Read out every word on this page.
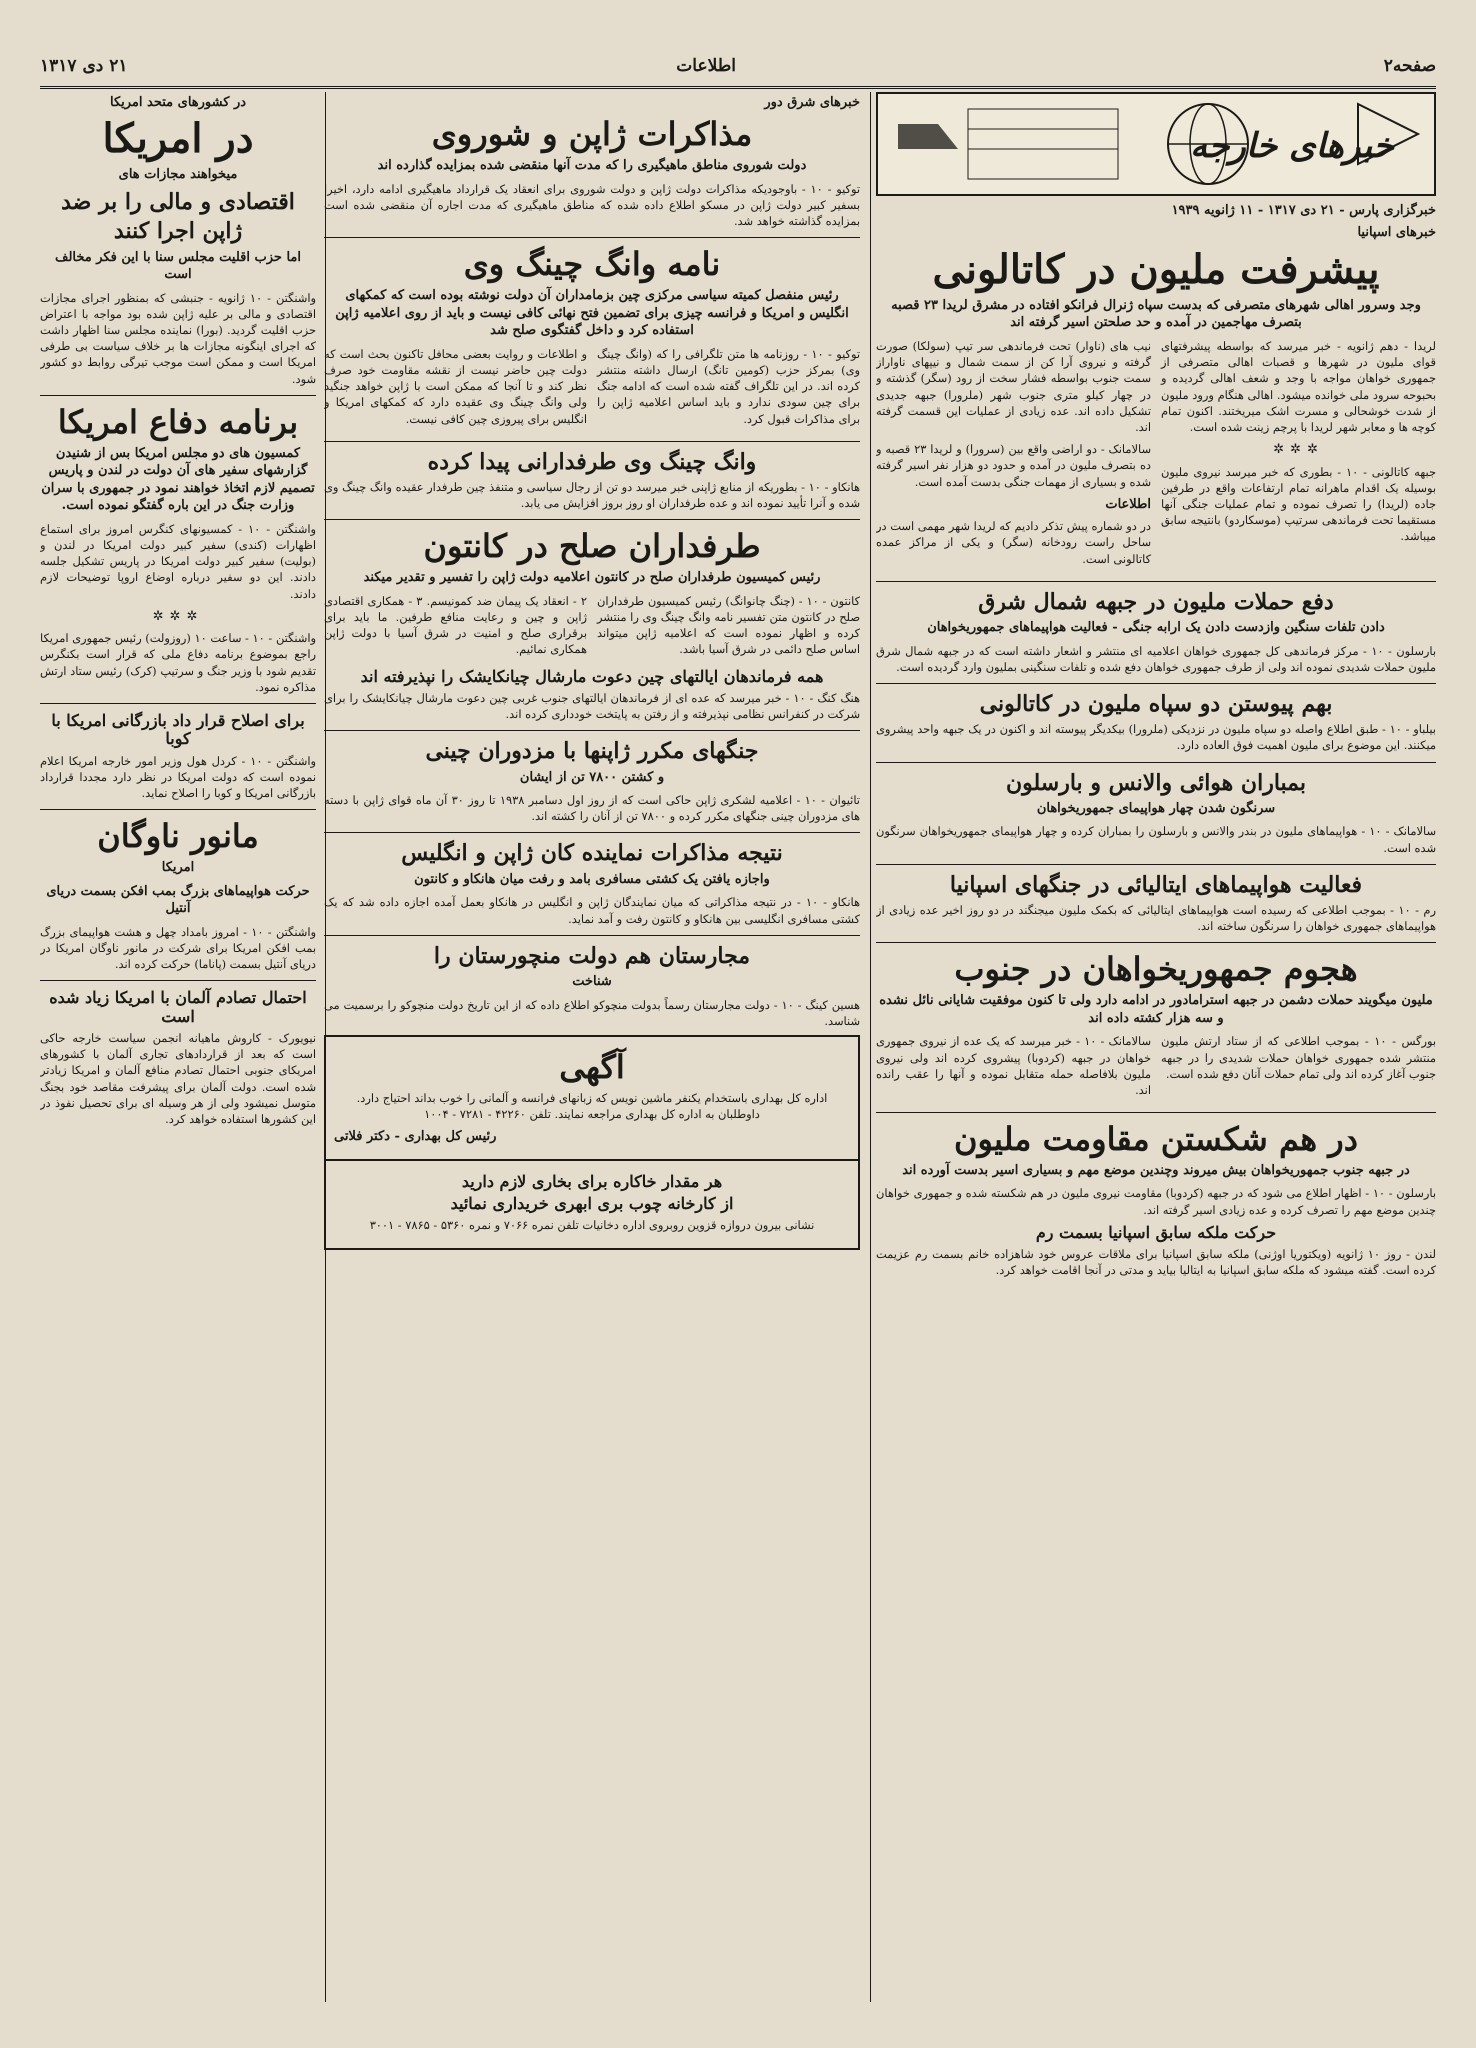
صفحه۲
اطلاعات
۲۱ دی ۱۳۱۷
خبرهای خارجه
خبرگزاری پارس - ۲۱ دی ۱۳۱۷ - ۱۱ ژانویه ۱۹۳۹
خبرهای اسپانیا
پیشرفت ملیون در کاتالونی
وجد وسرور اهالی شهرهای متصرفی که بدست سپاه ژنرال فرانکو افتاده در مشرق لریدا ۲۳ قصبه بتصرف مهاجمین در آمده و حد صلحتن اسیر گرفته اند

لریدا - دهم ژانویه - خبر میرسد که بواسطه پیشرفتهای قوای ملیون در شهرها و قصبات اهالی متصرفی از جمهوری خواهان مواجه با وجد و شعف اهالی گردیده و بحبوحه سرود ملی خوانده میشود. اهالی هنگام ورود ملیون از شدت خوشحالی و مسرت اشک میریختند. اکنون تمام کوچه ها و معابر شهر لریدا با پرچم زینت شده است.

✲✲✲

جبهه کاتالونی - ۱۰ - بطوری که خبر میرسد نیروی ملیون بوسیله یک اقدام ماهرانه تمام ارتفاعات واقع در طرفین جاده (لریدا) را تصرف نموده و تمام عملیات جنگی آنها مستقیما تحت فرماندهی سرتیپ (موسکاردو) بانتیجه سابق میباشد.

نیب های (ناوار) تحت فرماندهی سر تیپ (سولکا) صورت گرفته و نیروی آرا کن از سمت شمال و نیپهای ناواراز سمت جنوب بواسطه فشار سخت از رود (سگر) گذشته و در چهار کیلو متری جنوب شهر (ملرورا) جبهه جدیدی تشکیل داده اند. عده زیادی از عملیات این قسمت گرفته اند.

سالامانک - دو اراضی واقع بین (سرورا) و لریدا ۲۳ قصبه و ده بتصرف ملیون در آمده و حدود دو هزار نفر اسیر گرفته شده و بسیاری از مهمات جنگی بدست آمده است.

اطلاعات

در دو شماره پیش تذکر دادیم که لریدا شهر مهمی است در ساحل راست رودخانه (سگر) و یکی از مراکز عمده کاتالونی است.

دفع حملات ملیون در جبهه شمال شرق
دادن تلفات سنگین وازدست دادن یک ارابه جنگی - فعالیت هواپیماهای جمهوریخواهان

بارسلون - ۱۰ - مرکز فرماندهی کل جمهوری خواهان اعلامیه ای منتشر و اشعار داشته است که در جبهه شمال شرق ملیون حملات شدیدی نموده اند ولی از طرف جمهوری خواهان دفع شده و تلفات سنگینی بملیون وارد گردیده است.

بهم پیوستن دو سپاه ملیون در کاتالونی

بیلباو - ۱۰ - طبق اطلاع واصله دو سپاه ملیون در نزدیکی (ملرورا) بیکدیگر پیوسته اند و اکنون در یک جبهه واحد پیشروی میکنند. این موضوع برای ملیون اهمیت فوق العاده دارد.

بمباران هوائی والانس و بارسلون
سرنگون شدن چهار هواپیمای جمهوریخواهان

سالامانک - ۱۰ - هواپیماهای ملیون در بندر والانس و بارسلون را بمباران کرده و چهار هواپیمای جمهوریخواهان سرنگون شده است.

فعالیت هواپیماهای ایتالیائی در جنگهای اسپانیا

رم - ۱۰ - بموجب اطلاعی که رسیده است هواپیماهای ایتالیائی که بکمک ملیون میجنگند در دو روز اخیر عده زیادی از هواپیماهای جمهوری خواهان را سرنگون ساخته اند.

هجوم جمهوریخواهان در جنوب
ملیون میگویند حملات دشمن در جبهه استرامادور در ادامه دارد ولی تا کنون موفقیت شایانی نائل نشده و سه هزار کشته داده اند

بورگس - ۱۰ - بموجب اطلاعی که از ستاد ارتش ملیون منتشر شده جمهوری خواهان حملات شدیدی را در جبهه جنوب آغاز کرده اند ولی تمام حملات آنان دفع شده است.

سالامانک - ۱۰ - خبر میرسد که یک عده از نیروی جمهوری خواهان در جبهه (کردوبا) پیشروی کرده اند ولی نیروی ملیون بلافاصله حمله متقابل نموده و آنها را عقب رانده اند.

در هم شکستن مقاومت ملیون
در جبهه جنوب جمهوریخواهان بیش میروند وچندین موضع مهم و بسیاری اسیر بدست آورده اند

بارسلون - ۱۰ - اظهار اطلاع می شود که در جبهه (کردوبا) مقاومت نیروی ملیون در هم شکسته شده و جمهوری خواهان چندین موضع مهم را تصرف کرده و عده زیادی اسیر گرفته اند.

حرکت ملکه سابق اسپانیا بسمت رم

لندن - روز ۱۰ ژانویه (ویکتوریا اوژنی) ملکه سابق اسپانیا برای ملاقات عروس خود شاهزاده خانم بسمت رم عزیمت کرده است. گفته میشود که ملکه سابق اسپانیا به ایتالیا بیاید و مدتی در آنجا اقامت خواهد کرد.

خبرهای شرق دور
مذاکرات ژاپن و شوروی
دولت شوروی مناطق ماهیگیری را که مدت آنها منقضی شده بمزایده گذارده اند

توکیو - ۱۰ - باوجودیکه مذاکرات دولت ژاپن و دولت شوروی برای انعقاد یک قرارداد ماهیگیری ادامه دارد، اخیرا بسفیر کبیر دولت ژاپن در مسکو اطلاع داده شده که مناطق ماهیگیری که مدت اجاره آن منقضی شده است بمزایده گذاشته خواهد شد.

نامه وانگ چینگ وی
رئیس منفصل کمیته سیاسی مرکزی چین بزمامداران آن دولت نوشته بوده است که کمکهای انگلیس و امریکا و فرانسه چیزی برای تضمین فتح نهائی کافی نیست و باید از روی اعلامیه ژاپن استفاده کرد و داخل گفتگوی صلح شد

توکیو - ۱۰ - روزنامه ها متن تلگرافی را که (وانگ چینگ وی) بمرکز حزب (کومین تانگ) ارسال داشته منتشر کرده اند. در این تلگراف گفته شده است که ادامه جنگ برای چین سودی ندارد و باید اساس اعلامیه ژاپن را برای مذاکرات قبول کرد.

و اطلاعات و روایت بعضی محافل تاکنون بحث است که دولت چین حاضر نیست از نقشه مقاومت خود صرف نظر کند و تا آنجا که ممکن است با ژاپن خواهد جنگید ولی وانگ چینگ وی عقیده دارد که کمکهای امریکا و انگلیس برای پیروزی چین کافی نیست.

وانگ چینگ وی طرفدارانی پیدا کرده

هانکاو - ۱۰ - بطوریکه از منابع ژاپنی خبر میرسد دو تن از رجال سیاسی و متنفذ چین طرفدار عقیده وانگ چینگ وی شده و آنرا تأیید نموده اند و عده طرفداران او روز بروز افزایش می یابد.

طرفداران صلح در کانتون
رئیس کمیسیون طرفداران صلح در کانتون اعلامیه دولت ژاپن را تفسیر و تقدیر میکند

کانتون - ۱۰ - (چنگ چانوانگ) رئیس کمیسیون طرفداران صلح در کانتون متن تفسیر نامه وانگ چینگ وی را منتشر کرده و اظهار نموده است که اعلامیه ژاپن میتواند اساس صلح دائمی در شرق آسیا باشد.

۲ - انعقاد یک پیمان ضد کمونیسم. ۳ - همکاری اقتصادی ژاپن و چین و رعایت منافع طرفین. ما باید برای برقراری صلح و امنیت در شرق آسیا با دولت ژاپن همکاری نمائیم.

همه فرماندهان ایالتهای چین دعوت مارشال چیانکایشک را نپذیرفته اند

هنگ کنگ - ۱۰ - خبر میرسد که عده ای از فرماندهان ایالتهای جنوب غربی چین دعوت مارشال چیانکایشک را برای شرکت در کنفرانس نظامی نپذیرفته و از رفتن به پایتخت خودداری کرده اند.

جنگهای مکرر ژاپنها با مزدوران چینی
و کشتن ۷۸۰۰ تن از ایشان

تائیوان - ۱۰ - اعلامیه لشکری ژاپن حاکی است که از روز اول دسامبر ۱۹۳۸ تا روز ۳۰ آن ماه قوای ژاپن با دسته های مزدوران چینی جنگهای مکرر کرده و ۷۸۰۰ تن از آنان را کشته اند.

نتیجه مذاکرات نماینده کان ژاپن و انگلیس
واجازه یافتن یک کشتی مسافری بامد و رفت میان هانکاو و کانتون

هانکاو - ۱۰ - در نتیجه مذاکراتی که میان نمایندگان ژاپن و انگلیس در هانکاو بعمل آمده اجازه داده شد که یک کشتی مسافری انگلیسی بین هانکاو و کانتون رفت و آمد نماید.

مجارستان هم دولت منچورستان را
شناخت

هسین کینگ - ۱۰ - دولت مجارستان رسماً بدولت منچوکو اطلاع داده که از این تاریخ دولت منچوکو را برسمیت می شناسد.

آگهی

اداره کل بهداری باستخدام یکنفر ماشین نویس که زبانهای فرانسه و آلمانی را خوب بداند احتیاج دارد. داوطلبان به اداره کل بهداری مراجعه نمایند. تلفن ۴۲۲۶۰ - ۷۲۸۱ - ۱۰۰۴

رئیس کل بهداری - دکتر فلاتی
هر مقدار خاکاره برای بخاری لازم دارید
از کارخانه چوب بری ابهری خریداری نمائید

نشانی بیرون دروازه قزوین روبروی اداره دخانیات تلفن نمره ۷۰۶۶ و نمره ۵۳۶۰ - ۷۸۶۵ - ۳۰۰۱

در کشورهای متحد امریکا
در امریکا
میخواهند مجازات های
اقتصادی و مالی را بر ضد
ژاپن اجرا کنند
اما حزب اقلیت مجلس سنا با این فکر مخالف است

واشنگتن - ۱۰ ژانویه - جنبشی که بمنظور اجرای مجازات اقتصادی و مالی بر علیه ژاپن شده بود مواجه با اعتراض حزب اقلیت گردید. (بورا) نماینده مجلس سنا اظهار داشت که اجرای اینگونه مجازات ها بر خلاف سیاست بی طرفی امریکا است و ممکن است موجب تیرگی روابط دو کشور شود.

برنامه دفاع امریکا
کمسیون های دو مجلس امریکا بس از شنیدن گزارشهای سفیر های آن دولت در لندن و پاریس تصمیم لازم اتخاذ خواهند نمود در جمهوری با سران وزارت جنگ در این باره گفتگو نموده است.

واشنگتن - ۱۰ - کمسیونهای کنگرس امروز برای استماع اظهارات (کندی) سفیر کبیر دولت امریکا در لندن و (بولیت) سفیر کبیر دولت امریکا در پاریس تشکیل جلسه دادند. این دو سفیر درباره اوضاع اروپا توضیحات لازم دادند.

✲✲✲

واشنگتن - ۱۰ - ساعت ۱۰ (روزولت) رئیس جمهوری امریکا راجع بموضوع برنامه دفاع ملی که قرار است بکنگرس تقدیم شود با وزیر جنگ و سرتیپ (کرک) رئیس ستاد ارتش مذاکره نمود.

برای اصلاح قرار داد بازرگانی امریکا با کوبا

واشنگتن - ۱۰ - کردل هول وزیر امور خارجه امریکا اعلام نموده است که دولت امریکا در نظر دارد مجددا قرارداد بازرگانی امریکا و کوبا را اصلاح نماید.

مانور ناوگان
امریکا
حرکت هواپیماهای بزرگ بمب افکن بسمت دریای آنتیل

واشنگتن - ۱۰ - امروز بامداد چهل و هشت هواپیمای بزرگ بمب افکن امریکا برای شرکت در مانور ناوگان امریکا در دریای آنتیل بسمت (پاناما) حرکت کرده اند.

احتمال تصادم آلمان با امریکا زیاد شده است

نیویورک - کاروش ماهیانه انجمن سیاست خارجه حاکی است که بعد از قراردادهای تجاری آلمان با کشورهای امریکای جنوبی احتمال تصادم منافع آلمان و امریکا زیادتر شده است. دولت آلمان برای پیشرفت مقاصد خود بجنگ متوسل نمیشود ولی از هر وسیله ای برای تحصیل نفوذ در این کشورها استفاده خواهد کرد.
